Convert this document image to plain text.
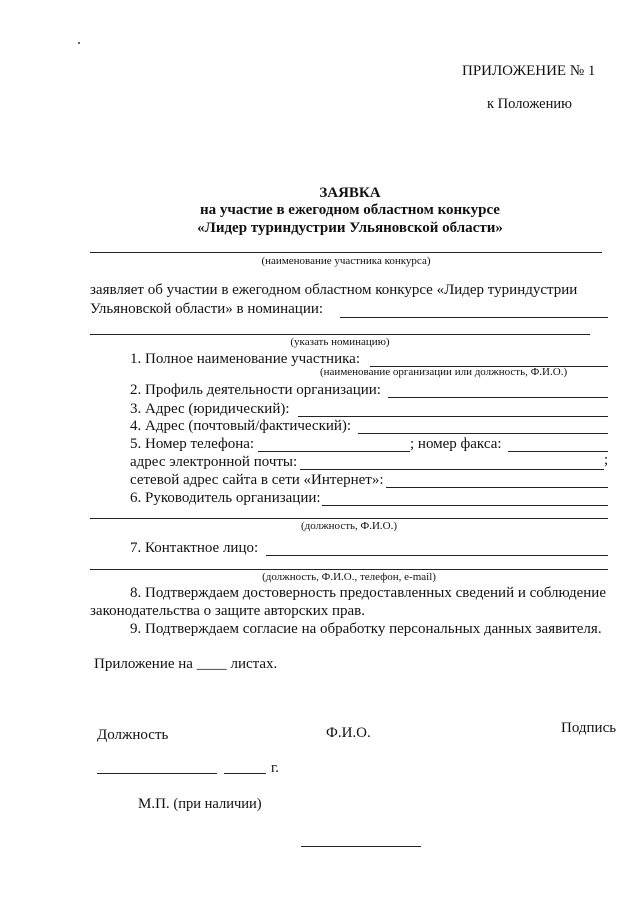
ПРИЛОЖЕНИЕ № 1
к Положению
ЗАЯВКА
на участие в ежегодном областном конкурсе
«Лидер туриндустрии Ульяновской области»
(наименование участника конкурса)
заявляет об участии в ежегодном областном конкурсе «Лидер туриндустрии
Ульяновской области» в номинации:
(указать номинацию)
1. Полное наименование участника:
(наименование организации или должность, Ф.И.О.)
2. Профиль деятельности организации:
3. Адрес (юридический):
4. Адрес (почтовый/фактический):
5. Номер телефона:	; номер факса:
адрес электронной почты:	;
сетевой адрес сайта в сети «Интернет»:
6. Руководитель организации:
(должность, Ф.И.О.)
7. Контактное лицо:
(должность, Ф.И.О., телефон, e-mail)
8. Подтверждаем достоверность предоставленных сведений и соблюдение
законодательства о защите авторских прав.
9. Подтверждаем согласие на обработку персональных данных заявителя.
Приложение на ____ листах.
Должность	Ф.И.О.	Подпись
г.
М.П. (при наличии)
